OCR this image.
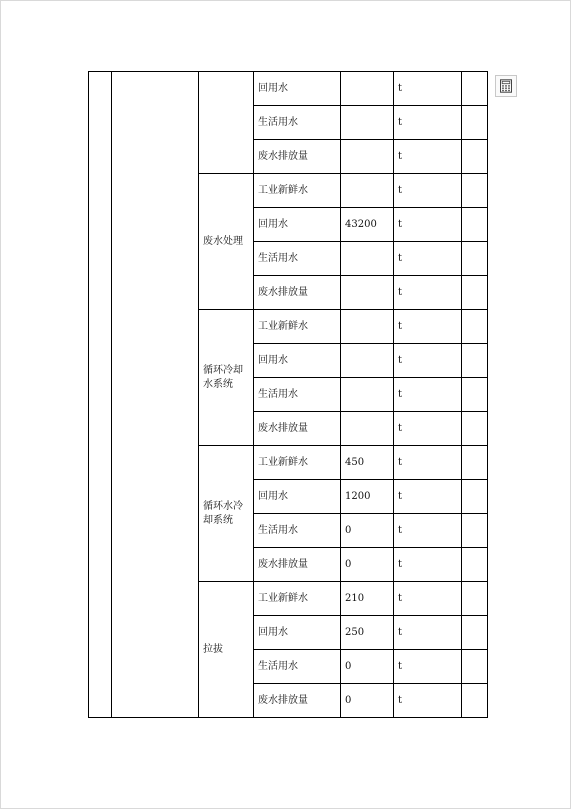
			回用水		t	
			生活用水		t	
			废水排放量		t	
		废水处理	工业新鲜水		t	
			回用水	43200	t	
			生活用水		t	
			废水排放量		t	
		循环冷却水系统	工业新鲜水		t	
			回用水		t	
			生活用水		t	
			废水排放量		t	
		循环水冷却系统	工业新鲜水	450	t	
			回用水	1200	t	
			生活用水	0	t	
			废水排放量	0	t	
		拉拔	工业新鲜水	210	t	
			回用水	250	t	
			生活用水	0	t	
			废水排放量	0	t	
